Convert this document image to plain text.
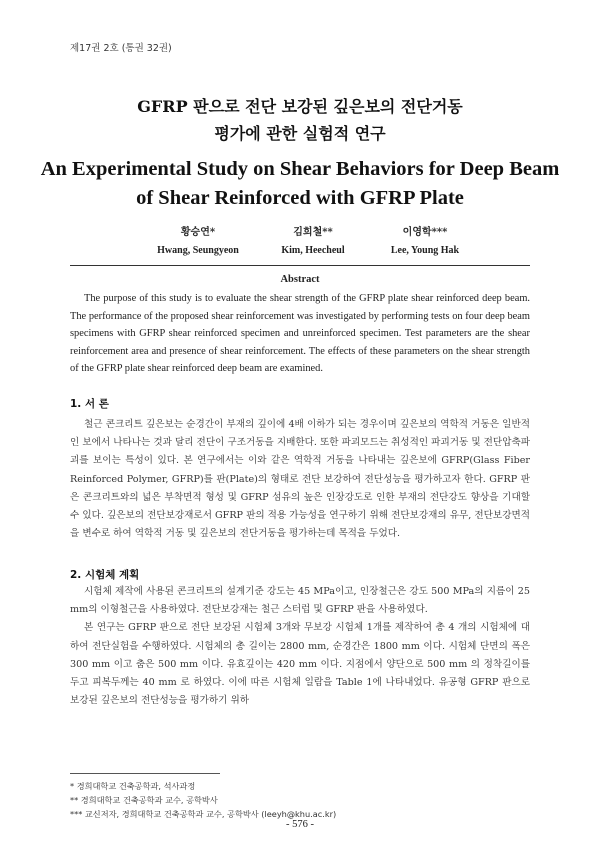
제17권 2호 (통권 32권)
GFRP 판으로 전단 보강된 깊은보의 전단거동
평가에 관한 실험적 연구
An Experimental Study on Shear Behaviors for Deep Beam
of Shear Reinforced with GFRP Plate
황승연*
Hwang, Seungyeon
김희철**
Kim, Heecheul
이영학***
Lee, Young Hak
Abstract
The purpose of this study is to evaluate the shear strength of the GFRP plate shear reinforced deep beam. The performance of the proposed shear reinforcement was investigated by performing tests on four deep beam specimens with GFRP shear reinforced specimen and unreinforced specimen. Test parameters are the shear reinforcement area and presence of shear reinforcement. The effects of these parameters on the shear strength of the GFRP plate shear reinforced deep beam are examined.
1. 서 론

철근 콘크리트 깊은보는 순경간이 부재의 깊이에 4배 이하가 되는 경우이며 깊은보의 역학적 거동은 일반적인 보에서 나타나는 것과 달리 전단이 구조거동을 지배한다. 또한 파괴모드는 취성적인 파괴거동 및 전단압축파괴를 보이는 특성이 있다. 본 연구에서는 이와 같은 역학적 거동을 나타내는 깊은보에 GFRP(Glass Fiber Reinforced Polymer, GFRP)를 판(Plate)의 형태로 전단 보강하여 전단성능을 평가하고자 한다. GFRP 판은 콘크리트와의 넓은 부착면적 형성 및 GFRP 섬유의 높은 인장강도로 인한 부재의 전단강도 향상을 기대할 수 있다. 깊은보의 전단보강재로서 GFRP 판의 적용 가능성을 연구하기 위해 전단보강재의 유무, 전단보강면적을 변수로 하여 역학적 거동 및 깊은보의 전단거동을 평가하는데 목적을 두었다.

2. 시험체 계획

시험체 제작에 사용된 콘크리트의 설계기준 강도는 45 MPa이고, 인장철근은 강도 500 MPa의 지름이 25 mm의 이형철근을 사용하였다. 전단보강재는 철근 스터럽 및 GFRP 판을 사용하였다.

본 연구는 GFRP 판으로 전단 보강된 시험체 3개와 무보강 시험체 1개를 제작하여 총 4 개의 시험체에 대하여 전단실험을 수행하였다. 시험체의 총 길이는 2800 mm, 순경간은 1800 mm 이다. 시험체 단면의 폭은 300 mm 이고 춤은 500 mm 이다. 유효깊이는 420 mm 이다. 지점에서 양단으로 500 mm 의 정착길이를 두고 피복두께는 40 mm 로 하였다. 이에 따른 시험체 일람을 Table 1에 나타내었다. 유공형 GFRP 판으로 보강된 깊은보의 전단성능을 평가하기 위하

* 경희대학교 건축공학과, 석사과정
** 경희대학교 건축공학과 교수, 공학박사
*** 교신저자, 경희대학교 건축공학과 교수, 공학박사 (leeyh@khu.ac.kr)
- 576 -
